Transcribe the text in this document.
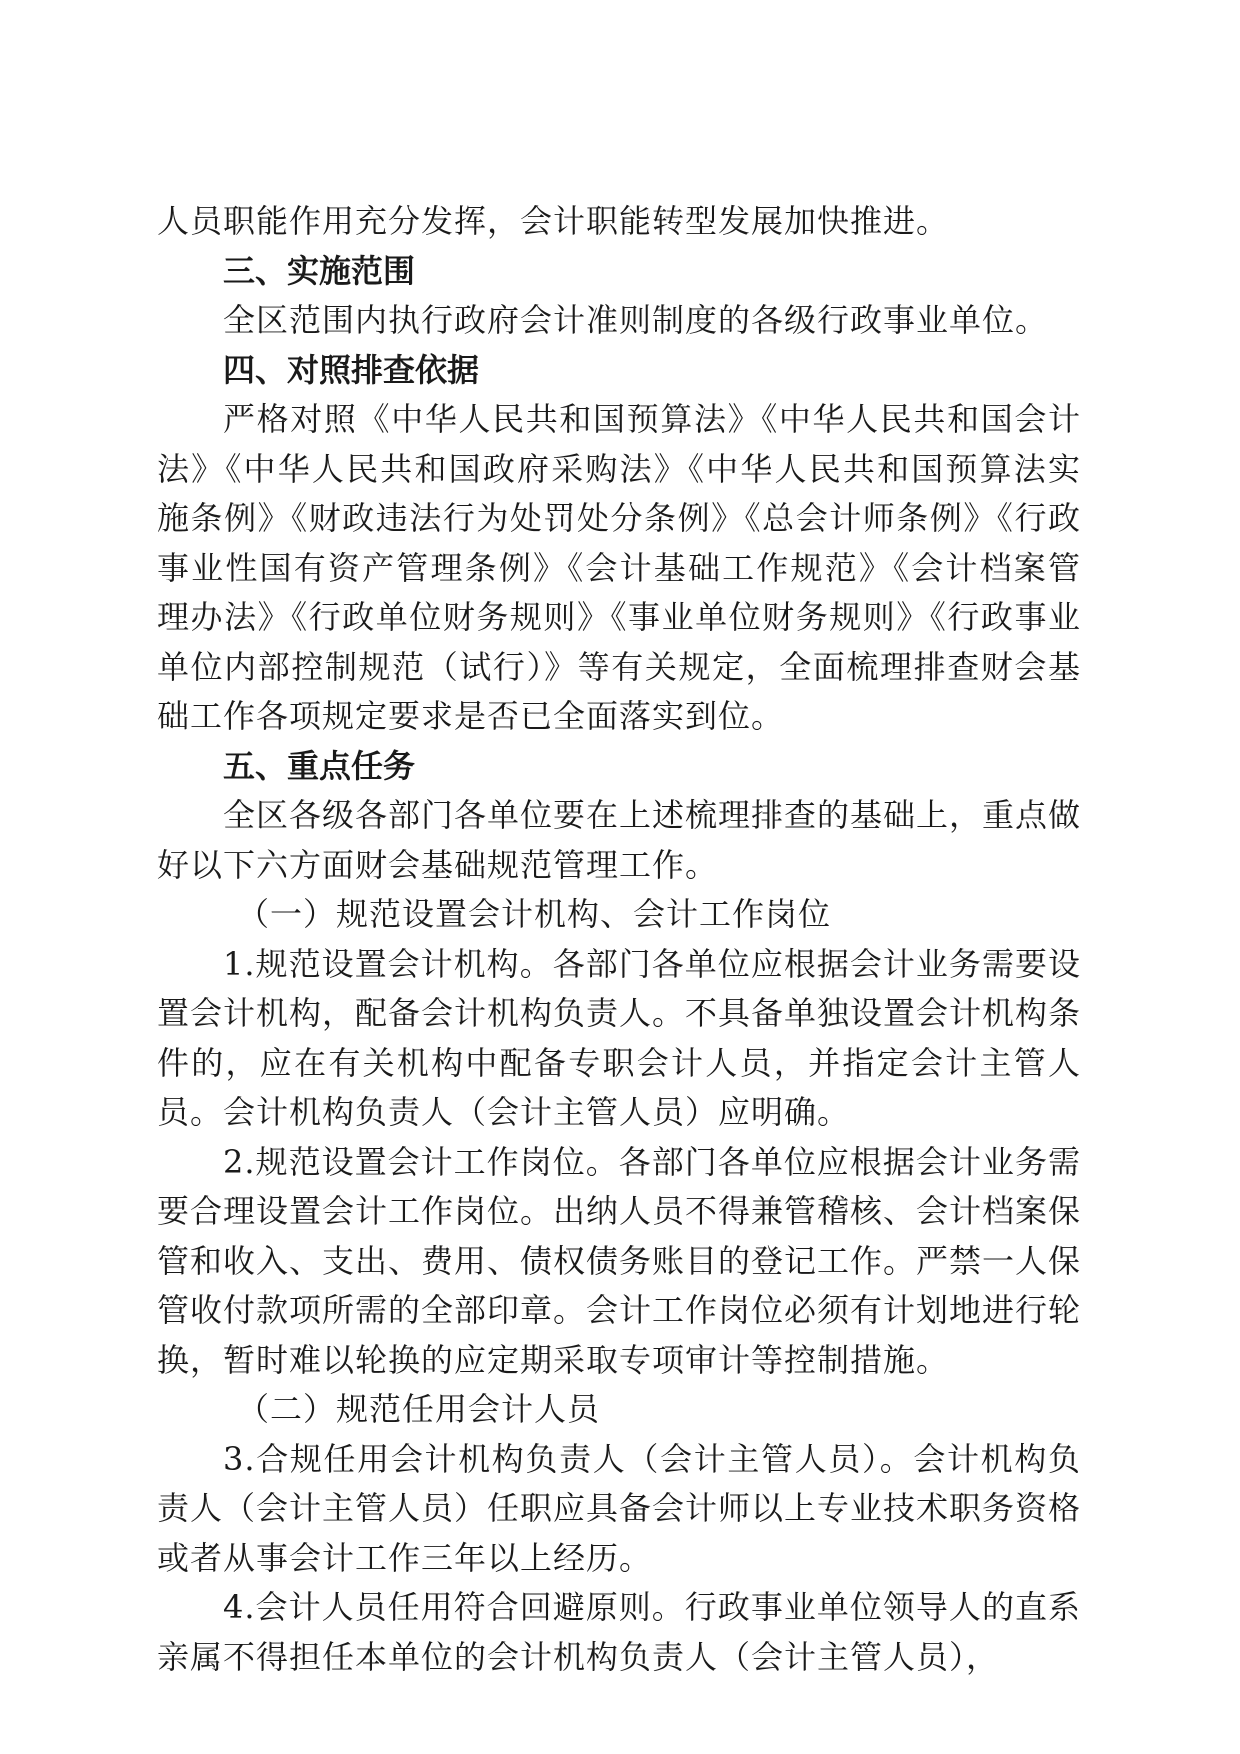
人员职能作用充分发挥，会计职能转型发展加快推进。

三、实施范围

全区范围内执行政府会计准则制度的各级行政事业单位。

四、对照排查依据

严格对照《中华人民共和国预算法》《中华人民共和国会计法》《中华人民共和国政府采购法》《中华人民共和国预算法实施条例》《财政违法行为处罚处分条例》《总会计师条例》《行政事业性国有资产管理条例》《会计基础工作规范》《会计档案管理办法》《行政单位财务规则》《事业单位财务规则》《行政事业单位内部控制规范（试行）》等有关规定，全面梳理排查财会基础工作各项规定要求是否已全面落实到位。

五、重点任务

全区各级各部门各单位要在上述梳理排查的基础上，重点做好以下六方面财会基础规范管理工作。

（一）规范设置会计机构、会计工作岗位

1.规范设置会计机构。各部门各单位应根据会计业务需要设置会计机构，配备会计机构负责人。不具备单独设置会计机构条件的，应在有关机构中配备专职会计人员，并指定会计主管人员。会计机构负责人（会计主管人员）应明确。

2.规范设置会计工作岗位。各部门各单位应根据会计业务需要合理设置会计工作岗位。出纳人员不得兼管稽核、会计档案保管和收入、支出、费用、债权债务账目的登记工作。严禁一人保管收付款项所需的全部印章。会计工作岗位必须有计划地进行轮换，暂时难以轮换的应定期采取专项审计等控制措施。

（二）规范任用会计人员

3.合规任用会计机构负责人（会计主管人员）。会计机构负责人（会计主管人员）任职应具备会计师以上专业技术职务资格或者从事会计工作三年以上经历。

4.会计人员任用符合回避原则。行政事业单位领导人的直系亲属不得担任本单位的会计机构负责人（会计主管人员），
